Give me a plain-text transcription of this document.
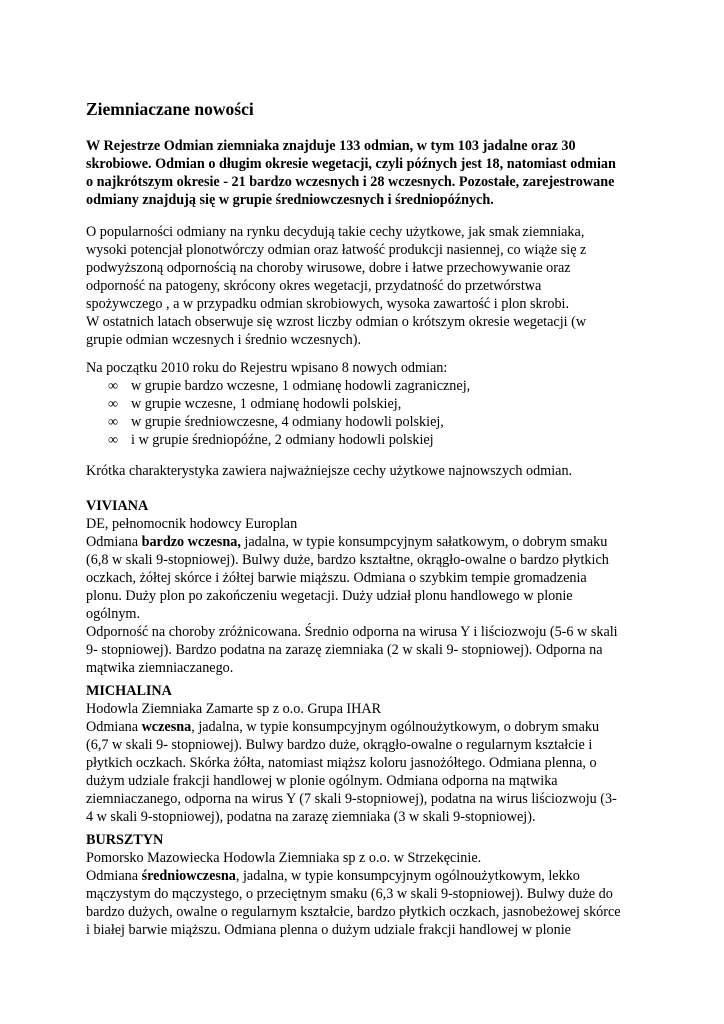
Ziemniaczane nowości
W Rejestrze Odmian ziemniaka znajduje 133 odmian, w tym 103 jadalne oraz 30
skrobiowe. Odmian o długim okresie wegetacji, czyli późnych jest 18, natomiast odmian
o najkrótszym okresie - 21 bardzo wczesnych i 28 wczesnych. Pozostałe, zarejestrowane
odmiany znajdują się w grupie średniowczesnych i średniopóźnych.
O popularności odmiany na rynku decydują takie cechy użytkowe, jak smak ziemniaka,
wysoki potencjał plonotwórczy odmian oraz łatwość produkcji nasiennej, co wiąże się z
podwyższoną odpornością na choroby wirusowe, dobre i łatwe przechowywanie oraz
odporność na patogeny, skrócony okres wegetacji, przydatność do przetwórstwa
spożywczego , a w przypadku odmian skrobiowych, wysoka zawartość i plon skrobi.
W ostatnich latach obserwuje się wzrost liczby odmian o krótszym okresie wegetacji (w
grupie odmian wczesnych i średnio wczesnych).
Na początku 2010 roku do Rejestru wpisano 8 nowych odmian:
∞ w grupie bardzo wczesne, 1 odmianę hodowli zagranicznej,
∞ w grupie wczesne, 1 odmianę hodowli polskiej,
∞ w grupie średniowczesne, 4 odmiany hodowli polskiej,
∞ i w grupie średniopóźne, 2 odmiany hodowli polskiej
Krótka charakterystyka zawiera najważniejsze cechy użytkowe najnowszych odmian.
VIVIANA
DE, pełnomocnik hodowcy Europlan
Odmiana bardzo wczesna, jadalna, w typie konsumpcyjnym sałatkowym, o dobrym smaku
(6,8 w skali 9-stopniowej). Bulwy duże, bardzo kształtne, okrągło-owalne o bardzo płytkich
oczkach, żółtej skórce i żółtej barwie miąższu. Odmiana o szybkim tempie gromadzenia
plonu. Duży plon po zakończeniu wegetacji. Duży udział plonu handlowego w plonie
ogólnym.
Odporność na choroby zróżnicowana. Średnio odporna na wirusa Y i liściozwoju (5-6 w skali
9- stopniowej). Bardzo podatna na zarazę ziemniaka (2 w skali 9- stopniowej). Odporna na
mątwika ziemniaczanego.
MICHALINA
Hodowla Ziemniaka Zamarte sp z o.o. Grupa IHAR
Odmiana wczesna, jadalna, w typie konsumpcyjnym ogólnoużytkowym, o dobrym smaku
(6,7 w skali 9- stopniowej). Bulwy bardzo duże, okrągło-owalne o regularnym kształcie i
płytkich oczkach. Skórka żółta, natomiast miąższ koloru jasnożółtego. Odmiana plenna, o
dużym udziale frakcji handlowej w plonie ogólnym. Odmiana odporna na mątwika
ziemniaczanego, odporna na wirus Y (7 skali 9-stopniowej), podatna na wirus liściozwoju (3-
4 w skali 9-stopniowej), podatna na zarazę ziemniaka (3 w skali 9-stopniowej).
BURSZTYN
Pomorsko Mazowiecka Hodowla Ziemniaka sp z o.o. w Strzekęcinie.
Odmiana średniowczesna, jadalna, w typie konsumpcyjnym ogólnoużytkowym, lekko
mączystym do mączystego, o przeciętnym smaku (6,3 w skali 9-stopniowej). Bulwy duże do
bardzo dużych, owalne o regularnym kształcie, bardzo płytkich oczkach, jasnobeżowej skórce
i białej barwie miąższu. Odmiana plenna o dużym udziale frakcji handlowej w plonie
